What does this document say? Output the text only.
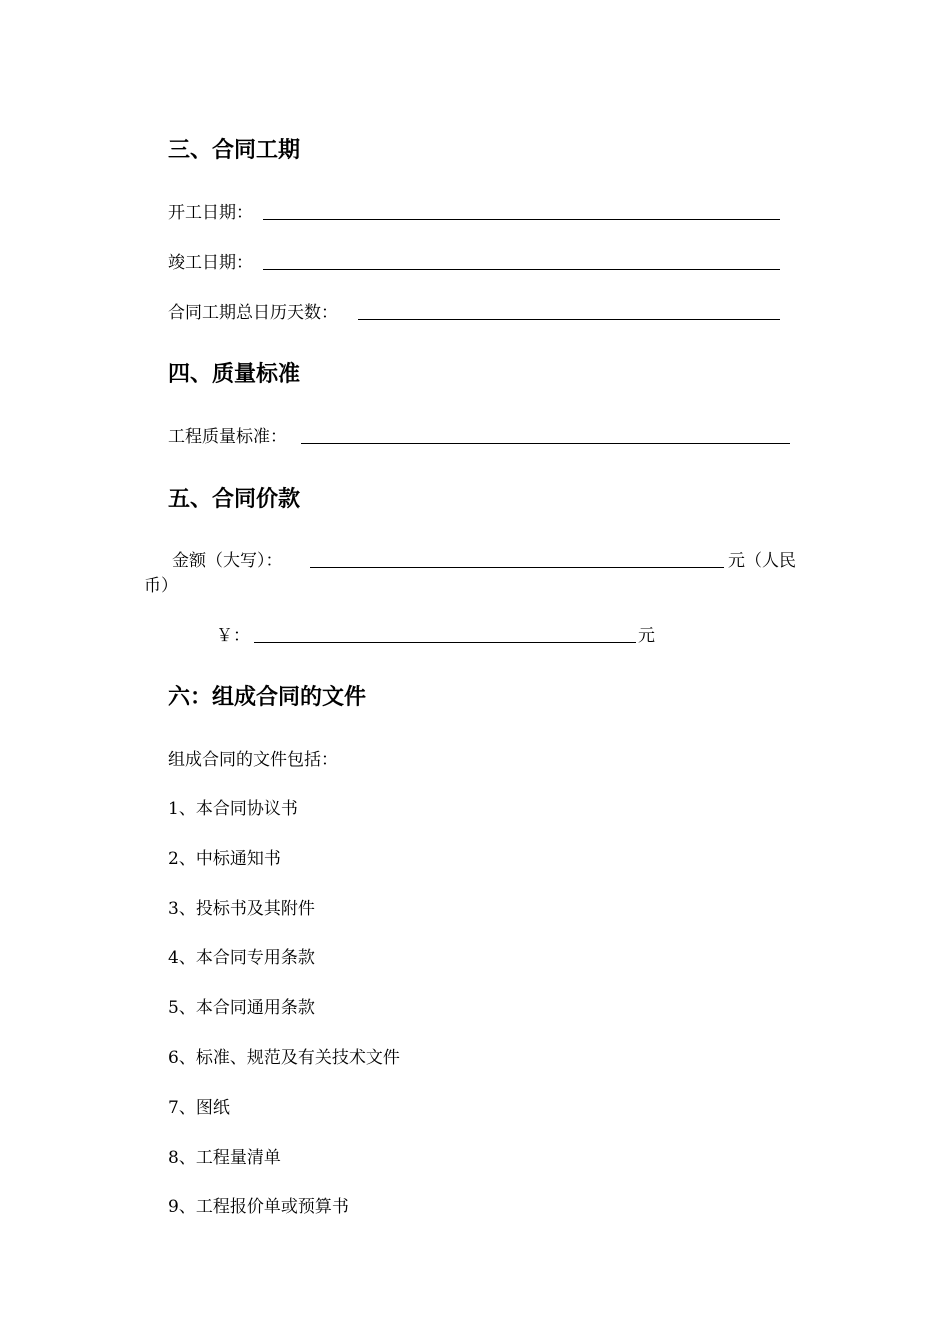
三、合同工期
开工日期：
竣工日期：
合同工期总日历天数：
四、质量标准
工程质量标准：
五、合同价款
金额（大写）：	元（人民
币）
￥：	元
六：组成合同的文件
组成合同的文件包括：
1、本合同协议书
2、中标通知书
3、投标书及其附件
4、本合同专用条款
5、本合同通用条款
6、标准、规范及有关技术文件
7、图纸
8、工程量清单
9、工程报价单或预算书
